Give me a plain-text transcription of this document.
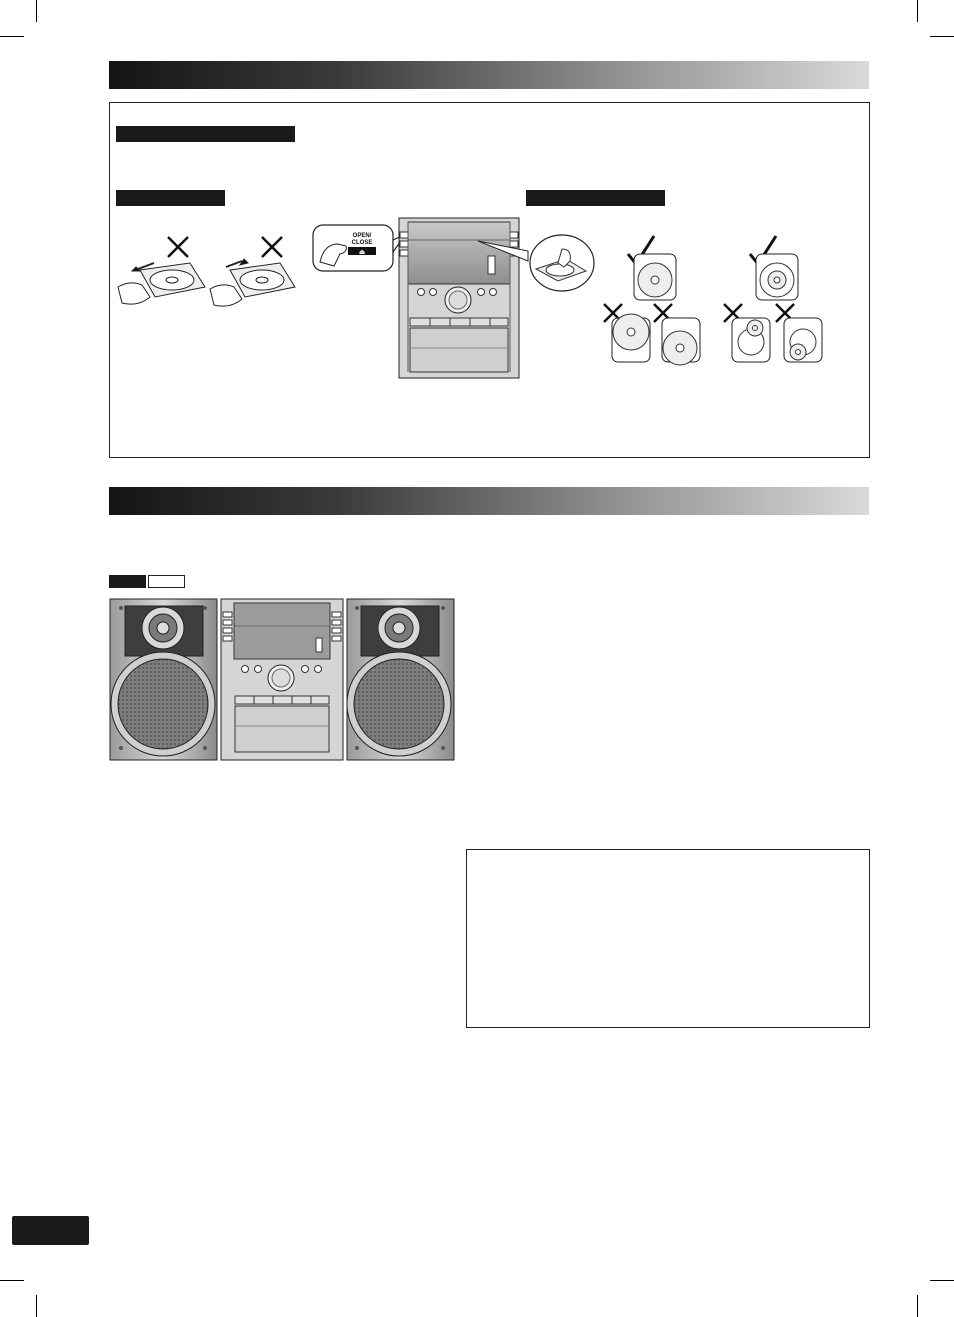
OPEN/
CLOSE
⏏
